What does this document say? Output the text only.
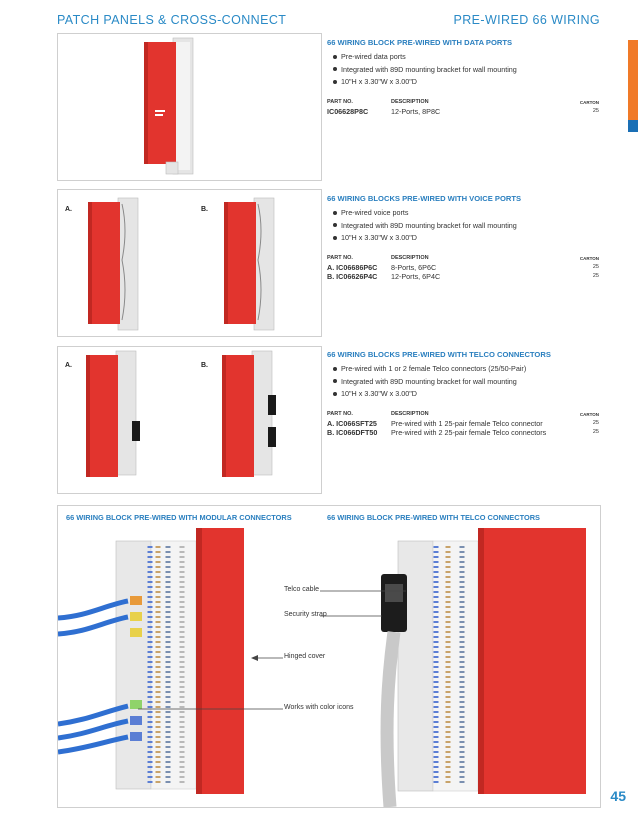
PATCH PANELS & CROSS-CONNECT	PRE-WIRED 66 WIRING
A.	B.
A.	B.
66 WIRING BLOCK PRE-WIRED WITH DATA PORTS
Pre-wired data ports
Integrated with 89D mounting bracket for wall mounting
10"H x 3.30"W x 3.00"D
PART NO.	DESCRIPTION	CARTON
IC06628P8C	12-Ports, 8P8C	25
66 WIRING BLOCKS PRE-WIRED WITH VOICE PORTS
Pre-wired voice ports
Integrated with 89D mounting bracket for wall mounting
10"H x 3.30"W x 3.00"D
PART NO.	DESCRIPTION	CARTON
A. IC06686P6C	8-Ports, 6P6C	25
B. IC06626P4C	12-Ports, 6P4C	25
66 WIRING BLOCKS PRE-WIRED WITH TELCO CONNECTORS
Pre-wired with 1 or 2 female Telco connectors (25/50-Pair)
Integrated with 89D mounting bracket for wall mounting
10"H x 3.30"W x 3.00"D
PART NO.	DESCRIPTION	CARTON
A. IC066SFT25	Pre-wired with 1 25-pair female Telco connector	25
B. IC066DFT50	Pre-wired with 2 25-pair female Telco connectors	25
66 WIRING BLOCK PRE-WIRED WITH MODULAR CONNECTORS	66 WIRING BLOCK PRE-WIRED WITH TELCO CONNECTORS
Telco cable
Security strap
Hinged cover
Works with color icons
45
